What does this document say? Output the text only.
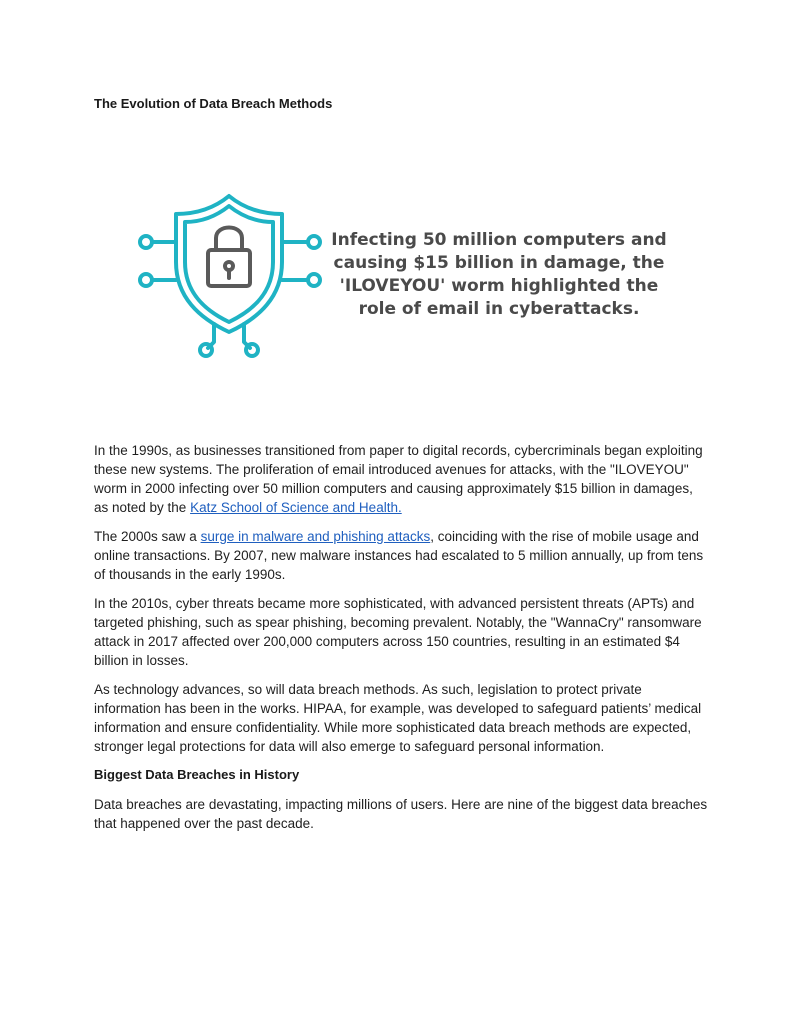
The Evolution of Data Breach Methods

Infecting 50 million computers and causing $15 billion in damage, the 'ILOVEYOU' worm highlighted the role of email in cyberattacks.

In the 1990s, as businesses transitioned from paper to digital records, cybercriminals began exploiting these new systems. The proliferation of email introduced avenues for attacks, with the "ILOVEYOU" worm in 2000 infecting over 50 million computers and causing approximately $15 billion in damages, as noted by the Katz School of Science and Health.

The 2000s saw a surge in malware and phishing attacks, coinciding with the rise of mobile usage and online transactions. By 2007, new malware instances had escalated to 5 million annually, up from tens of thousands in the early 1990s.

In the 2010s, cyber threats became more sophisticated, with advanced persistent threats (APTs) and targeted phishing, such as spear phishing, becoming prevalent. Notably, the "WannaCry" ransomware attack in 2017 affected over 200,000 computers across 150 countries, resulting in an estimated $4 billion in losses.

As technology advances, so will data breach methods. As such, legislation to protect private information has been in the works. HIPAA, for example, was developed to safeguard patients’ medical information and ensure confidentiality. While more sophisticated data breach methods are expected, stronger legal protections for data will also emerge to safeguard personal information.

Biggest Data Breaches in History

Data breaches are devastating, impacting millions of users. Here are nine of the biggest data breaches that happened over the past decade.
